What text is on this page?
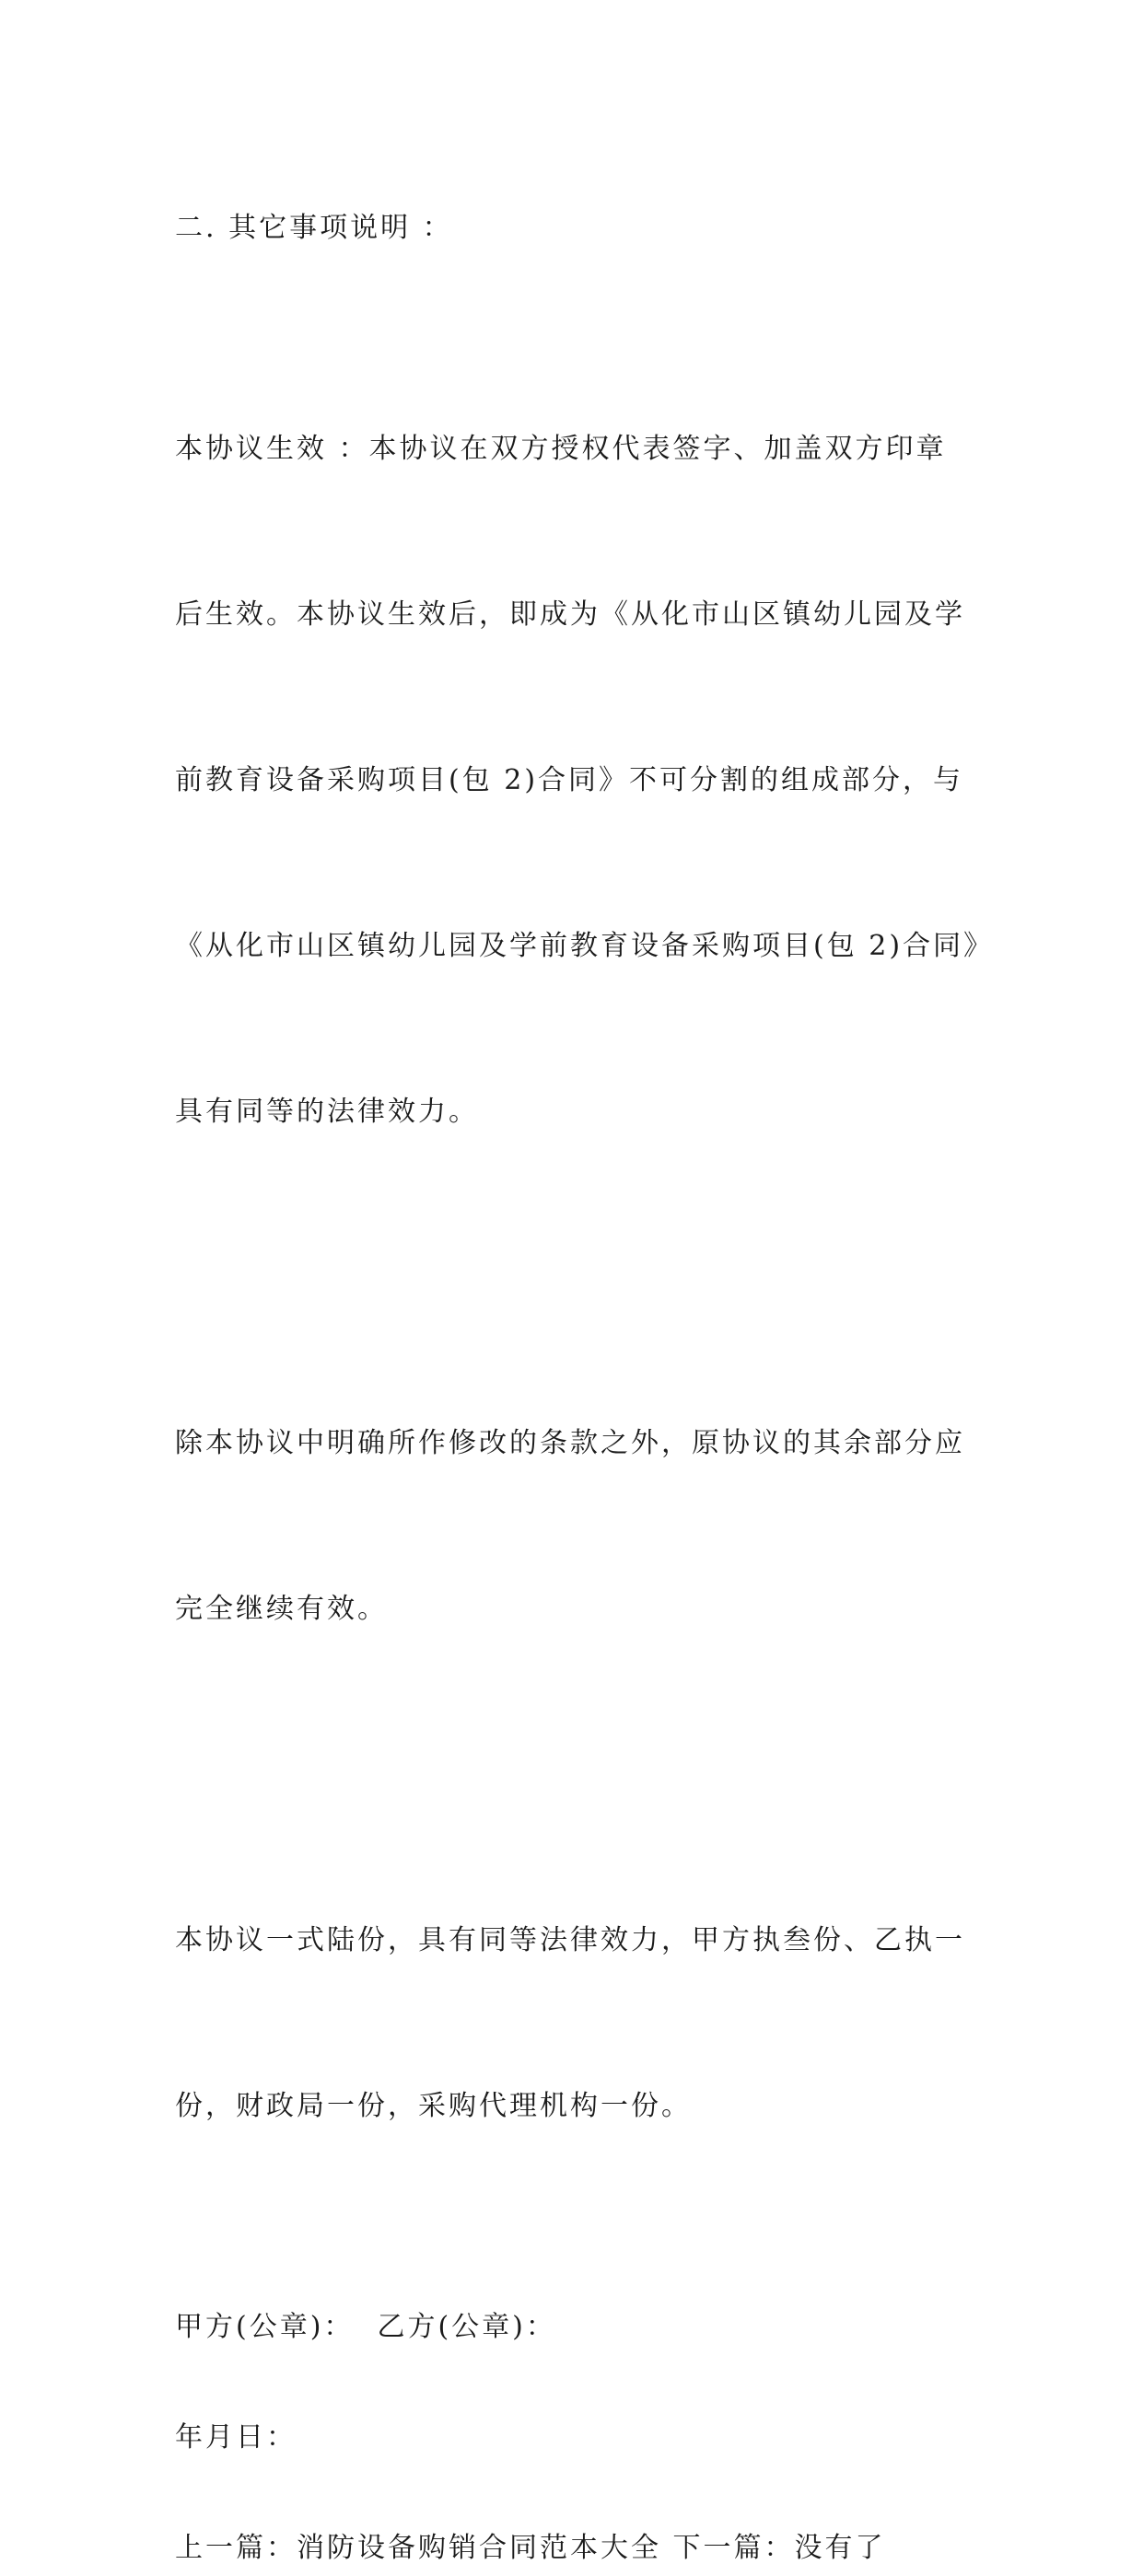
二. 其它事项说明 ：

本协议生效 ：本协议在双方授权代表签字、加盖双方印章

后生效。本协议生效后，即成为《从化市山区镇幼儿园及学

前教育设备采购项目(包 2)合同》不可分割的组成部分，与

《从化市山区镇幼儿园及学前教育设备采购项目(包 2)合同》

具有同等的法律效力。

除本协议中明确所作修改的条款之外，原协议的其余部分应

完全继续有效。

本协议一式陆份，具有同等法律效力，甲方执叁份、乙执一

份，财政局一份，采购代理机构一份。

甲方(公章)：  乙方(公章)：

年月日：

上一篇：消防设备购销合同范本大全 下一篇：没有了
